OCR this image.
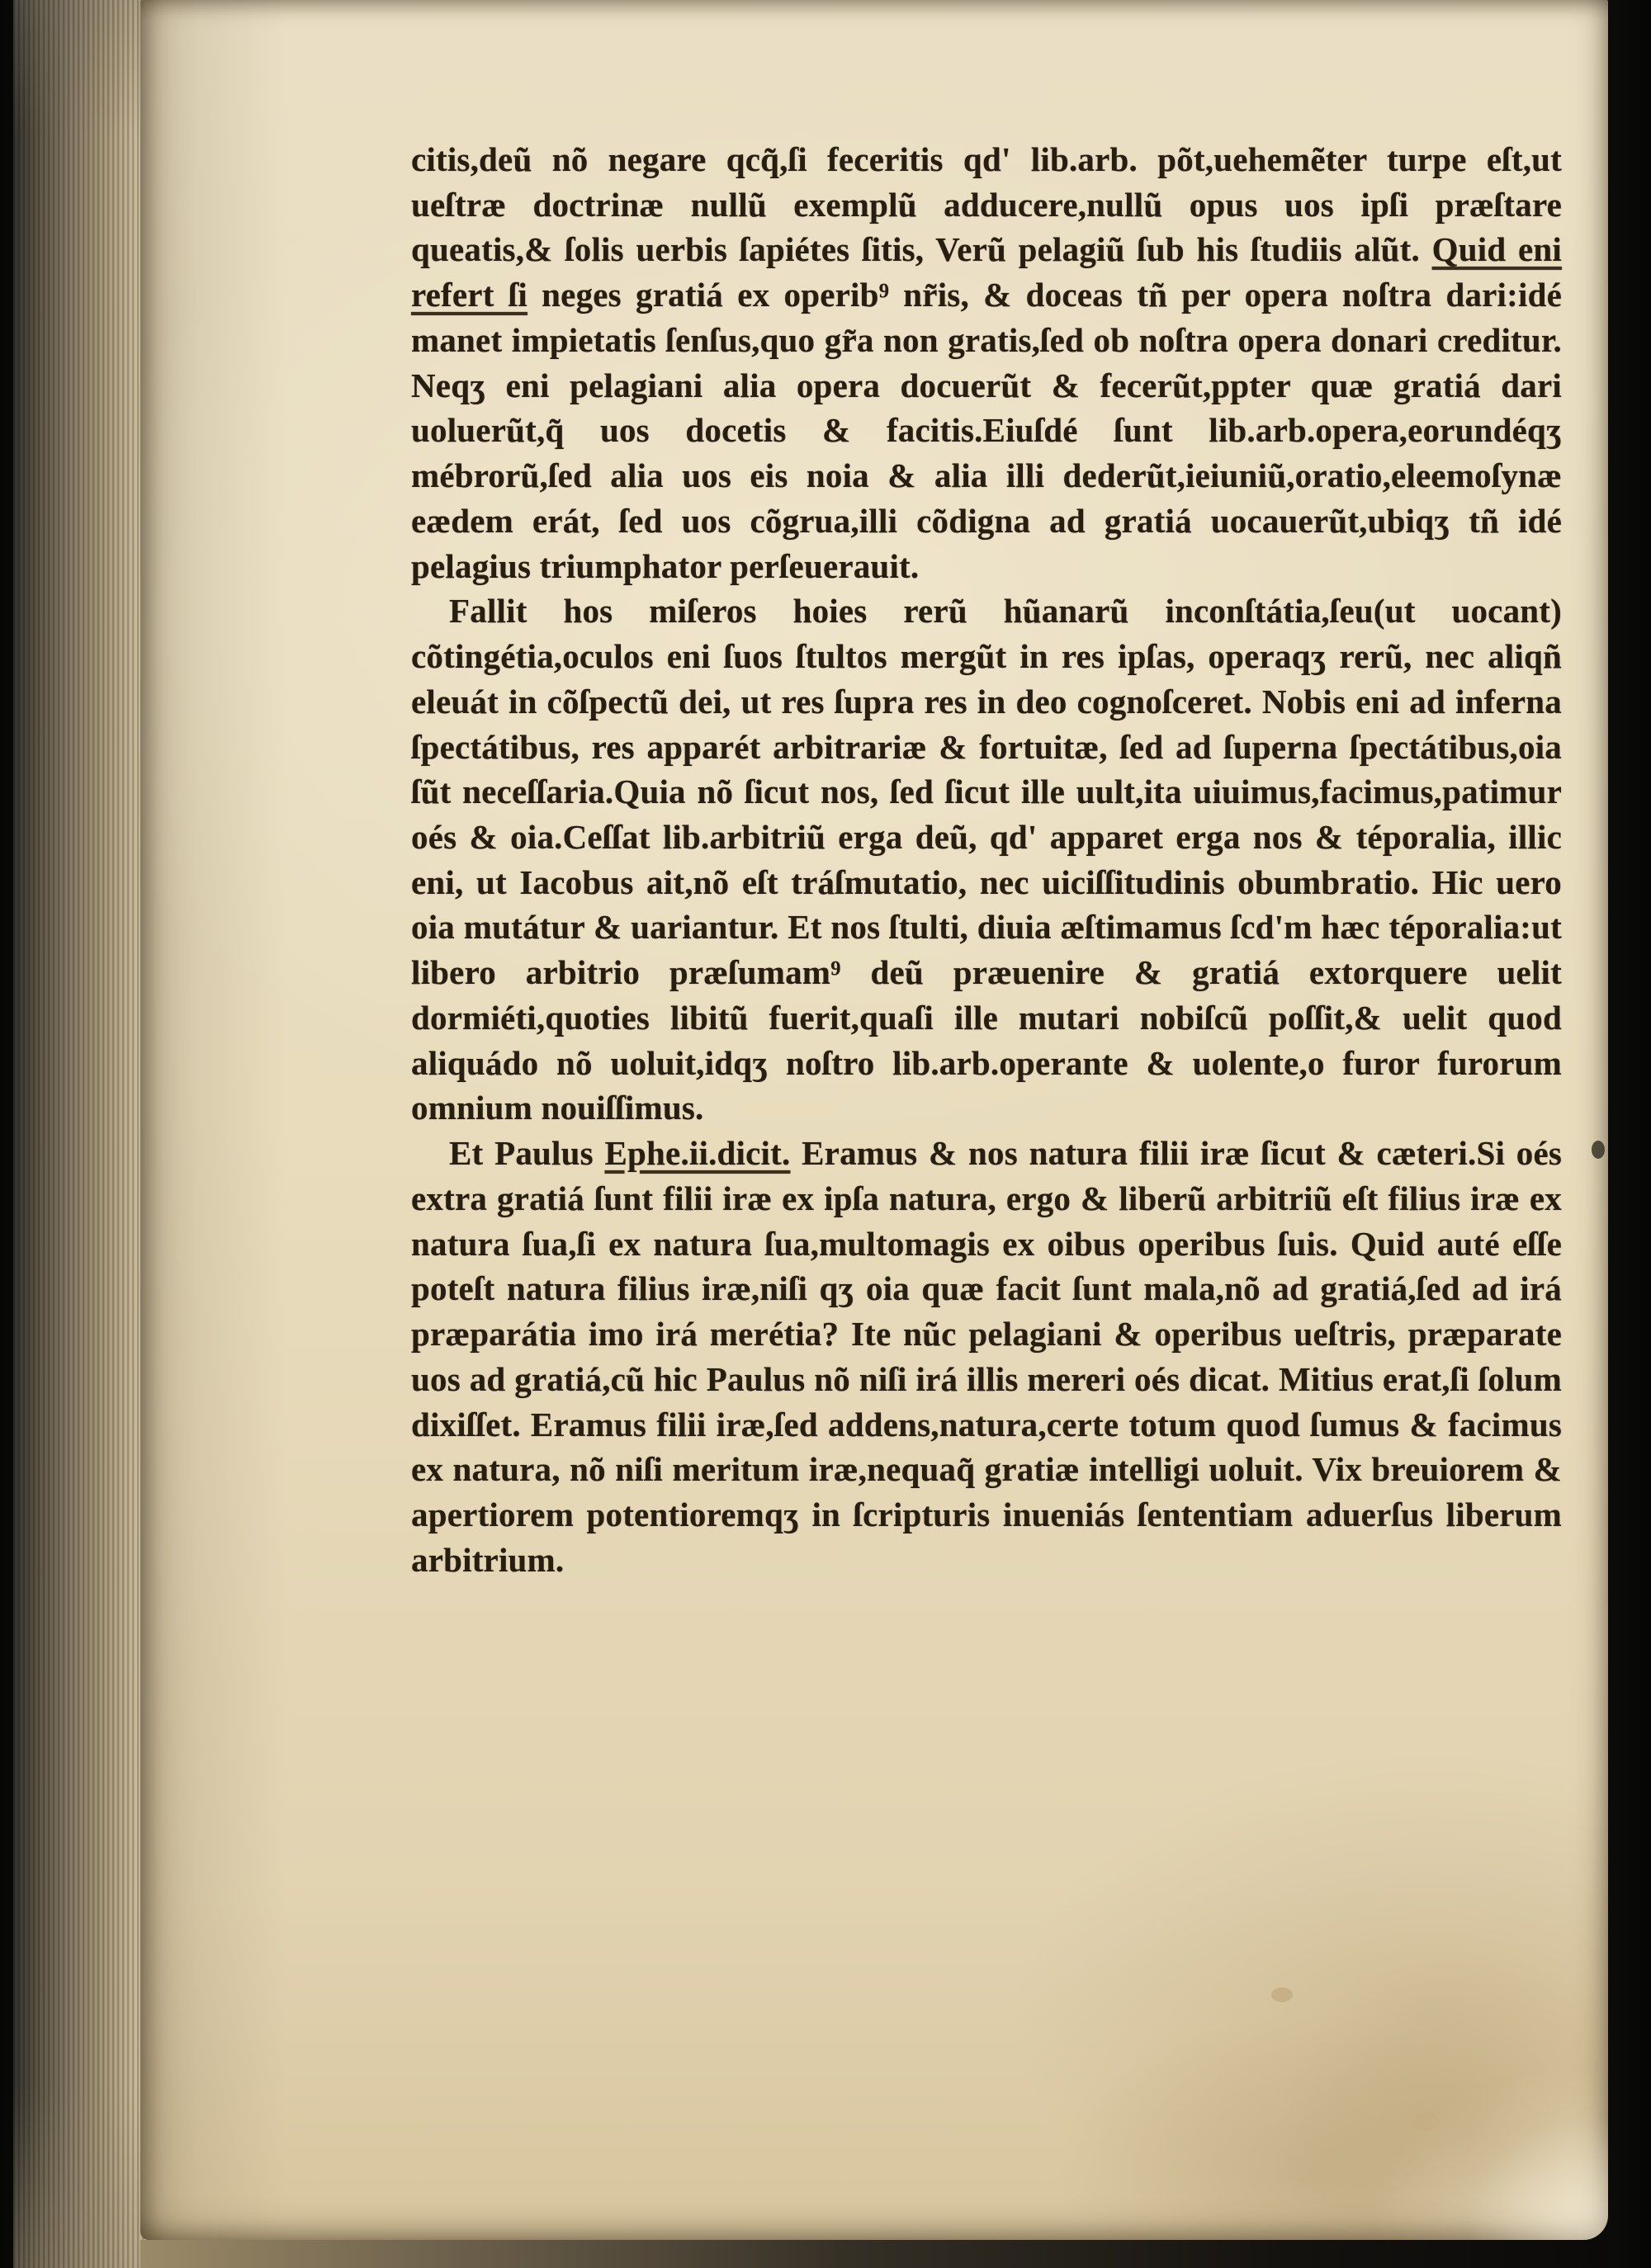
citis,deũ nõ negare qcq̃,ſi feceritis qd' lib.arb. põt,uehemẽter turpe eſt,ut ueſtræ doctrinæ nullũ exemplũ adducere,nullũ opus uos ipſi præſtare queatis,& ſolis uerbis ſapiétes ſitis, Verũ pelagiũ ſub his ſtudiis alũt. Quid eni refert ſi neges gratiá ex operib⁹ nr̃is, & doceas tñ per opera noſtra dari:idé manet impietatis ſenſus,quo gr̃a non gratis,ſed ob noſtra opera donari creditur. Neqʒ eni pelagiani alia opera docuerũt & fecerũt,ppter quæ gratiá dari uoluerũt,q̃ uos docetis & facitis.Eiuſdé ſunt lib.arb.opera,eorundéqʒ mébrorũ,ſed alia uos eis noia & alia illi dederũt,ieiuniũ,oratio,eleemoſynæ eædem erát, ſed uos cõgrua,illi cõdigna ad gratiá uocauerũt,ubiqʒ tñ idé pelagius triumphator perſeuerauit.

Fallit hos miſeros hoies rerũ hũanarũ inconſtátia,ſeu(ut uocant) cõtingétia,oculos eni ſuos ſtultos mergũt in res ipſas, operaqʒ rerũ, nec aliqñ eleuát in cõſpectũ dei, ut res ſupra res in deo cognoſceret. Nobis eni ad inferna ſpectátibus, res apparét arbitrariæ & fortuitæ, ſed ad ſuperna ſpectátibus,oia ſũt neceſſaria.Quia nõ ſicut nos, ſed ſicut ille uult,ita uiuimus,facimus,patimur oés & oia.Ceſſat lib.arbitriũ erga deũ, qd' apparet erga nos & téporalia, illic eni, ut Iacobus ait,nõ eſt tráſmutatio, nec uiciſſitudinis obumbratio. Hic uero oia mutátur & uariantur. Et nos ſtulti, diuia æſtimamus ſcd'm hæc téporalia:ut libero arbitrio præſumam⁹ deũ præuenire & gratiá extorquere uelit dormiéti,quoties libitũ fuerit,quaſi ille mutari nobiſcũ poſſit,& uelit quod aliquádo nõ uoluit,idqʒ noſtro lib.arb.operante & uolente,o furor furorum omnium nouiſſimus.

Et Paulus Ephe.ii.dicit. Eramus & nos natura filii iræ ſicut & cæteri.Si oés extra gratiá ſunt filii iræ ex ipſa natura, ergo & liberũ arbitriũ eſt filius iræ ex natura ſua,ſi ex natura ſua,multomagis ex oibus operibus ſuis. Quid auté eſſe poteſt natura filius iræ,niſi qʒ oia quæ facit ſunt mala,nõ ad gratiá,ſed ad irá præparátia imo irá merétia? Ite nũc pelagiani & operibus ueſtris, præparate uos ad gratiá,cũ hic Paulus nõ niſi irá illis mereri oés dicat. Mitius erat,ſi ſolum dixiſſet. Eramus filii iræ,ſed addens,natura,certe totum quod ſumus & facimus ex natura, nõ niſi meritum iræ,nequaq̃ gratiæ intelligi uoluit. Vix breuiorem & apertiorem potentioremqʒ in ſcripturis inueniás ſententiam aduerſus liberum arbitrium.
